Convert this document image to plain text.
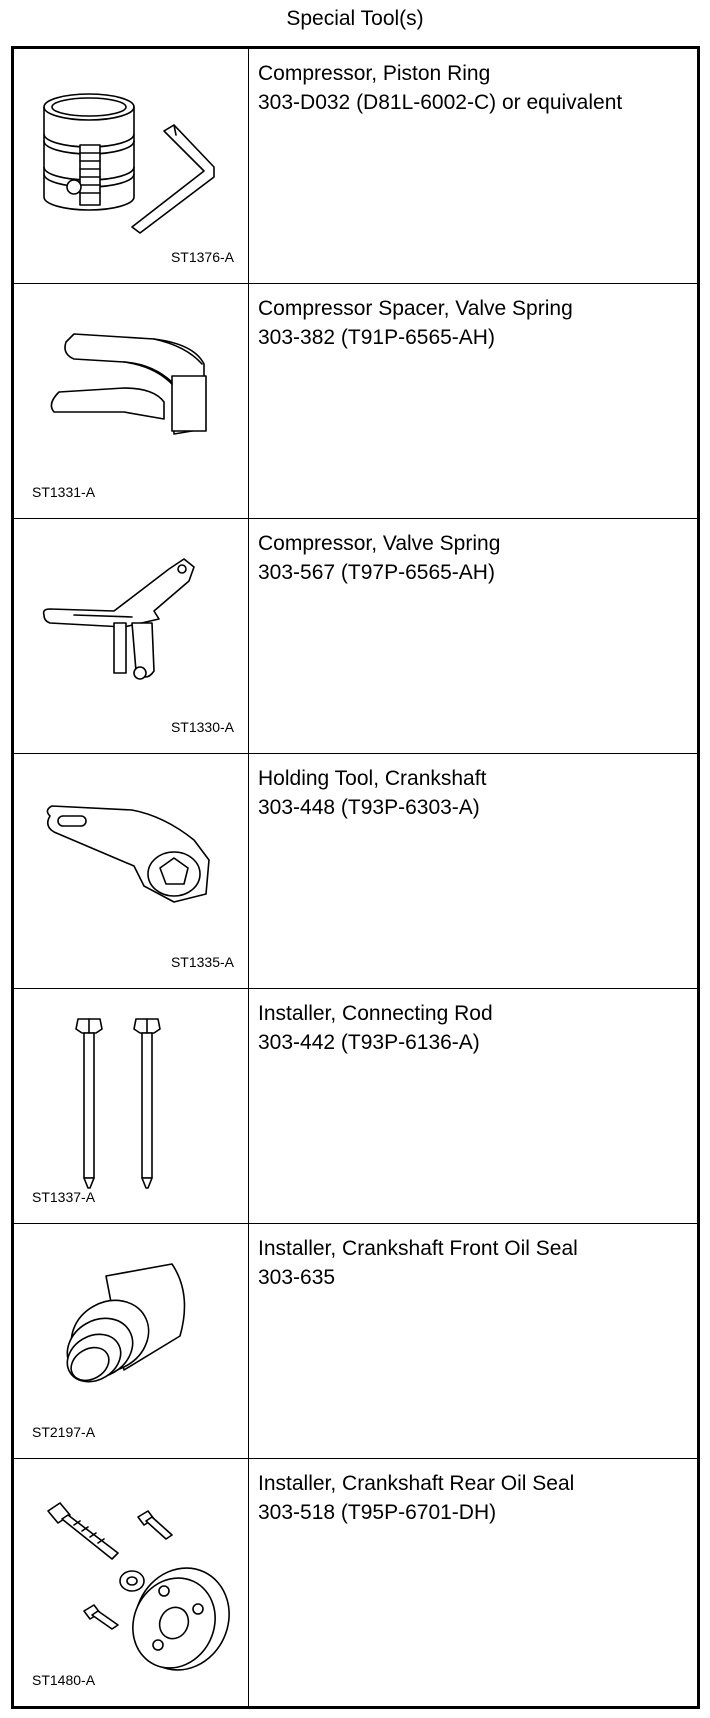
Special Tool(s)
ST1376-A
Compressor, Piston Ring
303-D032 (D81L-6002-C) or equivalent
ST1331-A
Compressor Spacer, Valve Spring
303-382 (T91P-6565-AH)
ST1330-A
Compressor, Valve Spring
303-567 (T97P-6565-AH)
ST1335-A
Holding Tool, Crankshaft
303-448 (T93P-6303-A)
ST1337-A
Installer, Connecting Rod
303-442 (T93P-6136-A)
ST2197-A
Installer, Crankshaft Front Oil Seal
303-635
ST1480-A
Installer, Crankshaft Rear Oil Seal
303-518 (T95P-6701-DH)
